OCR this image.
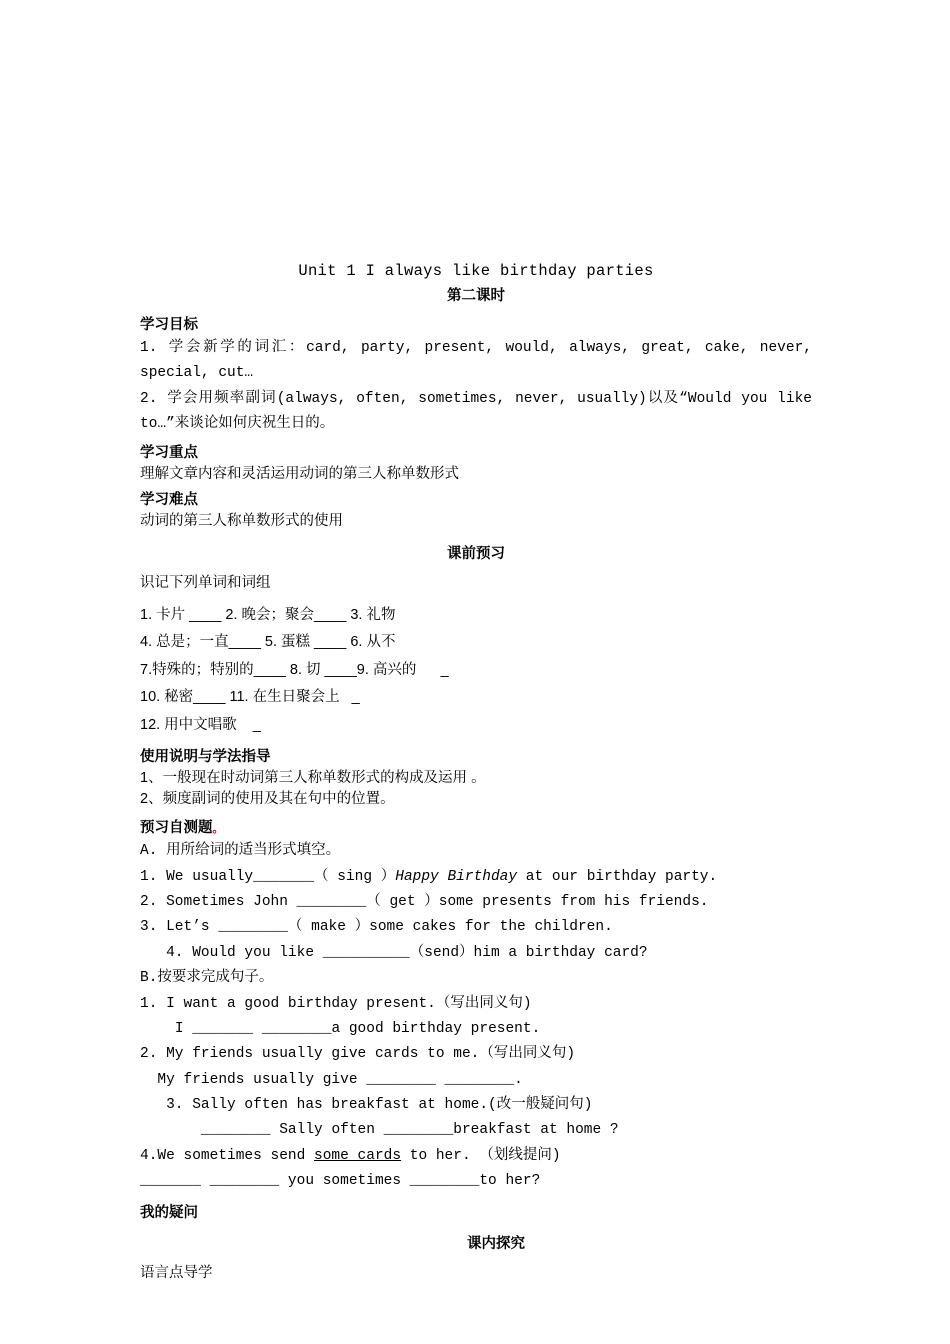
Unit 1 I always like birthday parties
第二课时
学习目标
1. 学会新学的词汇：card, party, present, would, always, great, cake, never,
special, cut…
2. 学会用频率副词(always, often, sometimes, never, usually)以及“Would you like
to…”来谈论如何庆祝生日的。
学习重点
理解文章内容和灵活运用动词的第三人称单数形式
学习难点
动词的第三人称单数形式的使用
课前预习
识记下列单词和词组
1. 卡片 ____ 2. 晚会；聚会____ 3. 礼物
4. 总是；一直____ 5. 蛋糕 ____ 6. 从不
7.特殊的；特别的____ 8. 切 ____9. 高兴的      _
10. 秘密____ 11. 在生日聚会上   _
12. 用中文唱歌    _
使用说明与学法指导
1、一般现在时动词第三人称单数形式的构成及运用 。
2、频度副词的使用及其在句中的位置。
预习自测题。
A. 用所给词的适当形式填空。
1. We usually_______（ sing ）Happy Birthday at our birthday party.
2. Sometimes John ________（ get ）some presents from his friends.
3. Let’s ________（ make ）some cakes for the children.
4. Would you like __________（send）him a birthday card?
B.按要求完成句子。
1. I want a good birthday present.（写出同义句)
I _______ ________a good birthday present.
2. My friends usually give cards to me.（写出同义句)
My friends usually give ________ ________.
3. Sally often has breakfast at home.(改一般疑问句)
________ Sally often ________breakfast at home ?
4.We sometimes send some cards to her. （划线提问)
_______ ________ you sometimes ________to her?
我的疑问
课内探究
语言点导学
